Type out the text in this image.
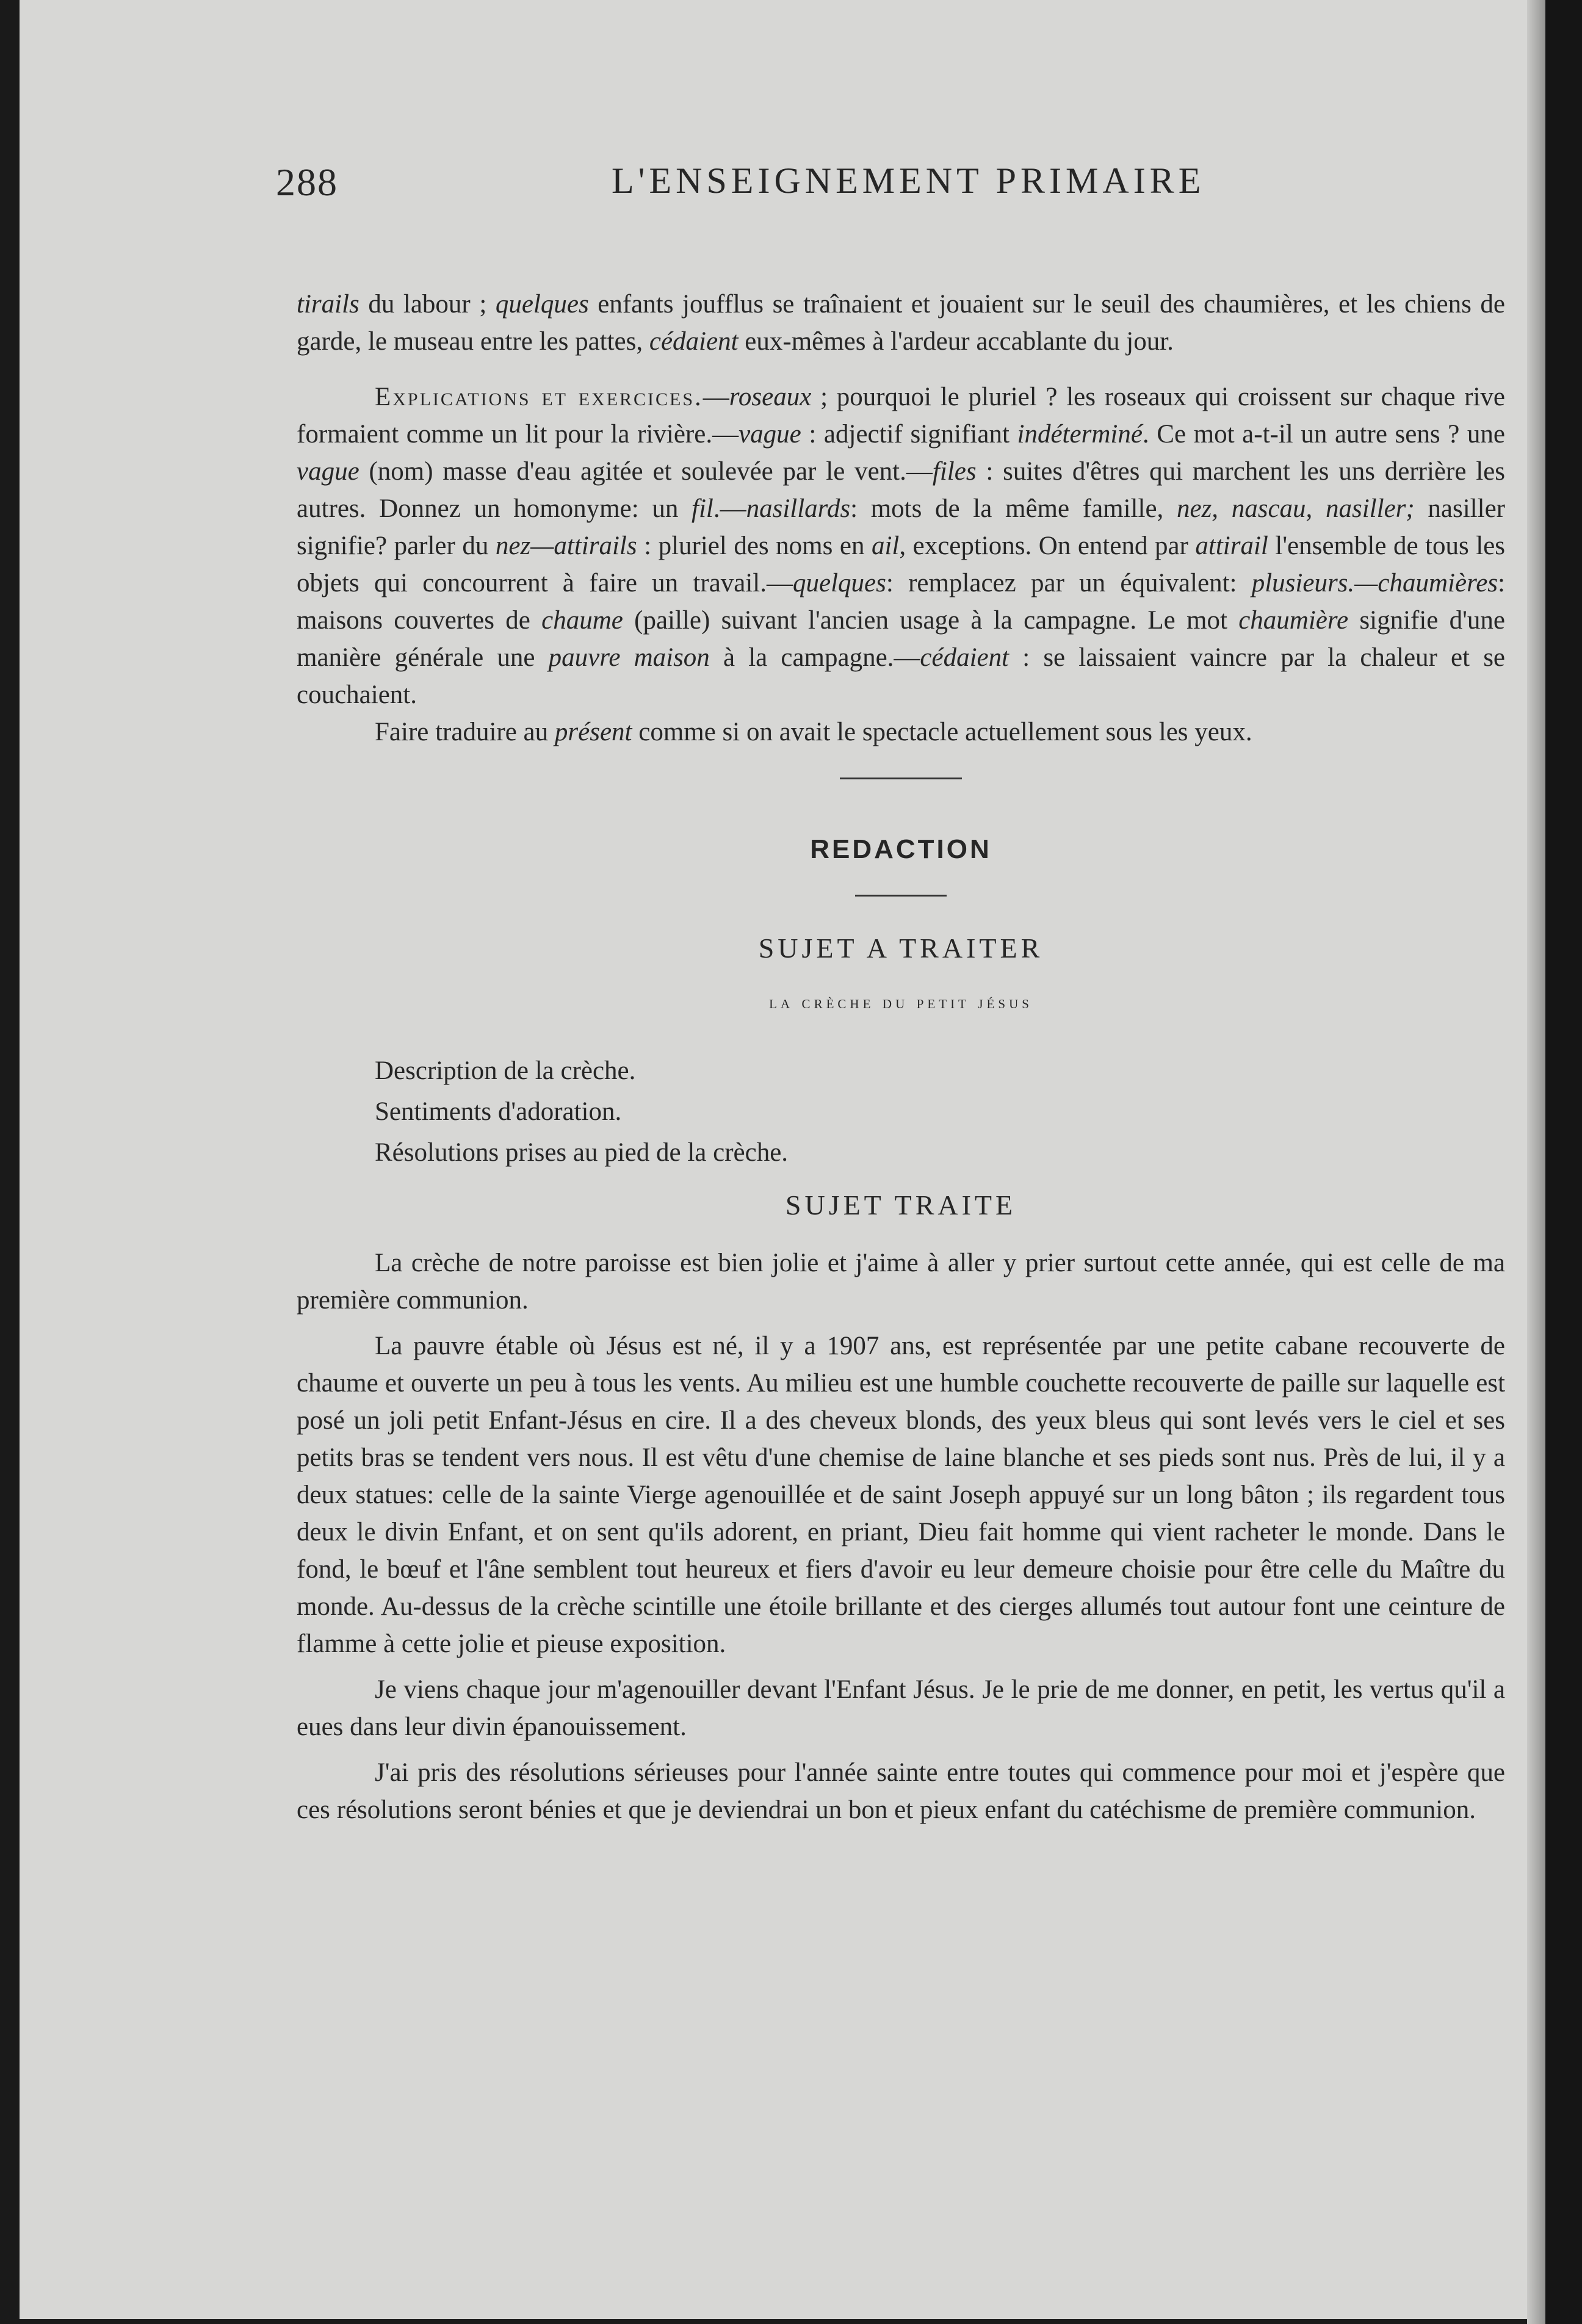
288	L'ENSEIGNEMENT PRIMAIRE

tirails du labour ; quelques enfants joufflus se traînaient et jouaient sur le seuil des chaumières, et les chiens de garde, le museau entre les pattes, cédaient eux-mêmes à l'ardeur accablante du jour.

Explications et exercices.—roseaux ; pourquoi le pluriel ? les roseaux qui croissent sur chaque rive formaient comme un lit pour la rivière.—vague : adjectif signifiant indéterminé. Ce mot a-t-il un autre sens ? une vague (nom) masse d'eau agitée et soulevée par le vent.—files : suites d'êtres qui marchent les uns derrière les autres. Donnez un homonyme: un fil.—nasillards: mots de la même famille, nez, nascau, nasiller; nasiller signifie? parler du nez—attirails : pluriel des noms en ail, exceptions. On entend par attirail l'ensemble de tous les objets qui concourrent à faire un travail.—quelques: remplacez par un équivalent: plusieurs.—chaumières: maisons couvertes de chaume (paille) suivant l'ancien usage à la campagne. Le mot chaumière signifie d'une manière générale une pauvre maison à la campagne.—cédaient : se laissaient vaincre par la chaleur et se couchaient.

Faire traduire au présent comme si on avait le spectacle actuellement sous les yeux.

REDACTION

SUJET A TRAITER

la crèche du petit jésus

Description de la crèche.
Sentiments d'adoration.
Résolutions prises au pied de la crèche.

SUJET TRAITE

La crèche de notre paroisse est bien jolie et j'aime à aller y prier surtout cette année, qui est celle de ma première communion.

La pauvre étable où Jésus est né, il y a 1907 ans, est représentée par une petite cabane recouverte de chaume et ouverte un peu à tous les vents. Au milieu est une humble couchette recouverte de paille sur laquelle est posé un joli petit Enfant-Jésus en cire. Il a des cheveux blonds, des yeux bleus qui sont levés vers le ciel et ses petits bras se tendent vers nous. Il est vêtu d'une chemise de laine blanche et ses pieds sont nus. Près de lui, il y a deux statues: celle de la sainte Vierge agenouillée et de saint Joseph appuyé sur un long bâton ; ils regardent tous deux le divin Enfant, et on sent qu'ils adorent, en priant, Dieu fait homme qui vient racheter le monde. Dans le fond, le bœuf et l'âne semblent tout heureux et fiers d'avoir eu leur demeure choisie pour être celle du Maître du monde. Au-dessus de la crèche scintille une étoile brillante et des cierges allumés tout autour font une ceinture de flamme à cette jolie et pieuse exposition.

Je viens chaque jour m'agenouiller devant l'Enfant Jésus. Je le prie de me donner, en petit, les vertus qu'il a eues dans leur divin épanouissement.

J'ai pris des résolutions sérieuses pour l'année sainte entre toutes qui commence pour moi et j'espère que ces résolutions seront bénies et que je deviendrai un bon et pieux enfant du catéchisme de première communion.
